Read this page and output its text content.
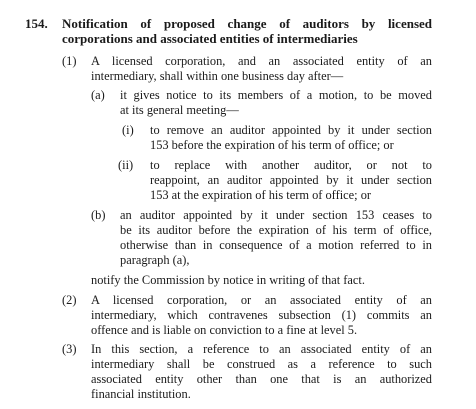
154. Notification of proposed change of auditors by licensed
corporations and associated entities of intermediaries
(1) A licensed corporation, and an associated entity of an
intermediary, shall within one business day after—
(a) it gives notice to its members of a motion, to be moved
at its general meeting—
(i) to remove an auditor appointed by it under section
153 before the expiration of his term of office; or
(ii) to replace with another auditor, or not to
reappoint, an auditor appointed by it under section
153 at the expiration of his term of office; or
(b) an auditor appointed by it under section 153 ceases to
be its auditor before the expiration of his term of office,
otherwise than in consequence of a motion referred to in
paragraph (a),
notify the Commission by notice in writing of that fact.
(2) A licensed corporation, or an associated entity of an
intermediary, which contravenes subsection (1) commits an
offence and is liable on conviction to a fine at level 5.
(3) In this section, a reference to an associated entity of an
intermediary shall be construed as a reference to such
associated entity other than one that is an authorized
financial institution.
